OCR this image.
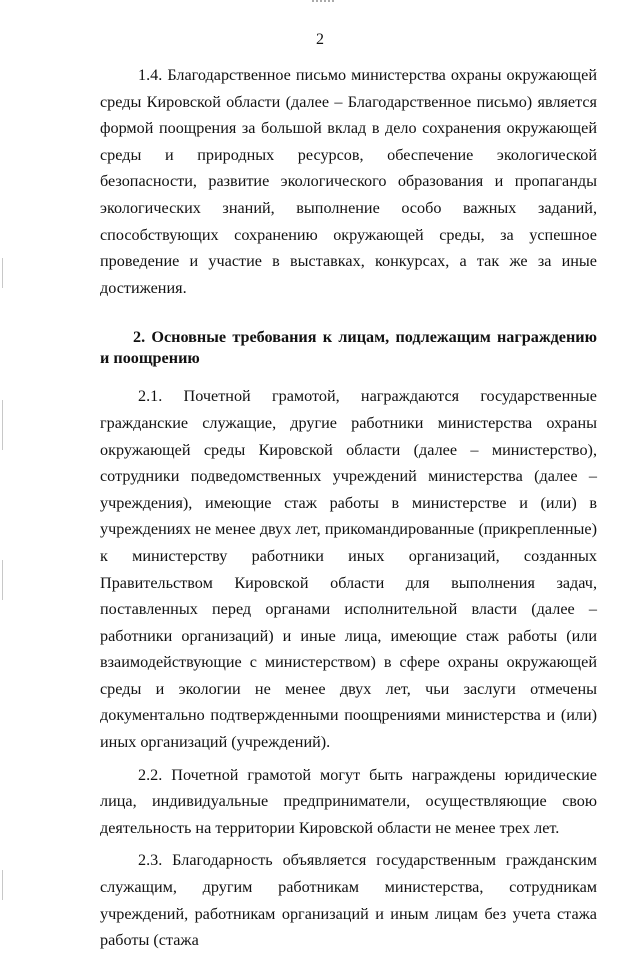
2

1.4. Благодарственное письмо министерства охраны окружающей среды Кировской области (далее – Благодарственное письмо) является формой поощрения за большой вклад в дело сохранения окружающей среды и природных ресурсов, обеспечение экологической безопасности, развитие экологического образования и пропаганды экологических знаний, выполнение особо важных заданий, способствующих сохранению окружающей среды, за успешное проведение и участие в выставках, конкурсах, а так же за иные достижения.

2. Основные требования к лицам, подлежащим награждению и поощрению

2.1. Почетной грамотой, награждаются государственные гражданские служащие, другие работники министерства охраны окружающей среды Кировской области (далее – министерство), сотрудники подведомственных учреждений министерства (далее – учреждения), имеющие стаж работы в министерстве и (или) в учреждениях не менее двух лет, прикомандированные (прикрепленные) к министерству работники иных организаций, созданных Правительством Кировской области для выполнения задач, поставленных перед органами исполнительной власти (далее – работники организаций) и иные лица, имеющие стаж работы (или взаимодействующие с министерством) в сфере охраны окружающей среды и экологии не менее двух лет, чьи заслуги отмечены документально подтвержденными поощрениями министерства и (или) иных организаций (учреждений).

2.2. Почетной грамотой могут быть награждены юридические лица, индивидуальные предприниматели, осуществляющие свою деятельность на территории Кировской области не менее трех лет.

2.3. Благодарность объявляется государственным гражданским служащим, другим работникам министерства, сотрудникам учреждений, работникам организаций и иным лицам без учета стажа работы (стажа
